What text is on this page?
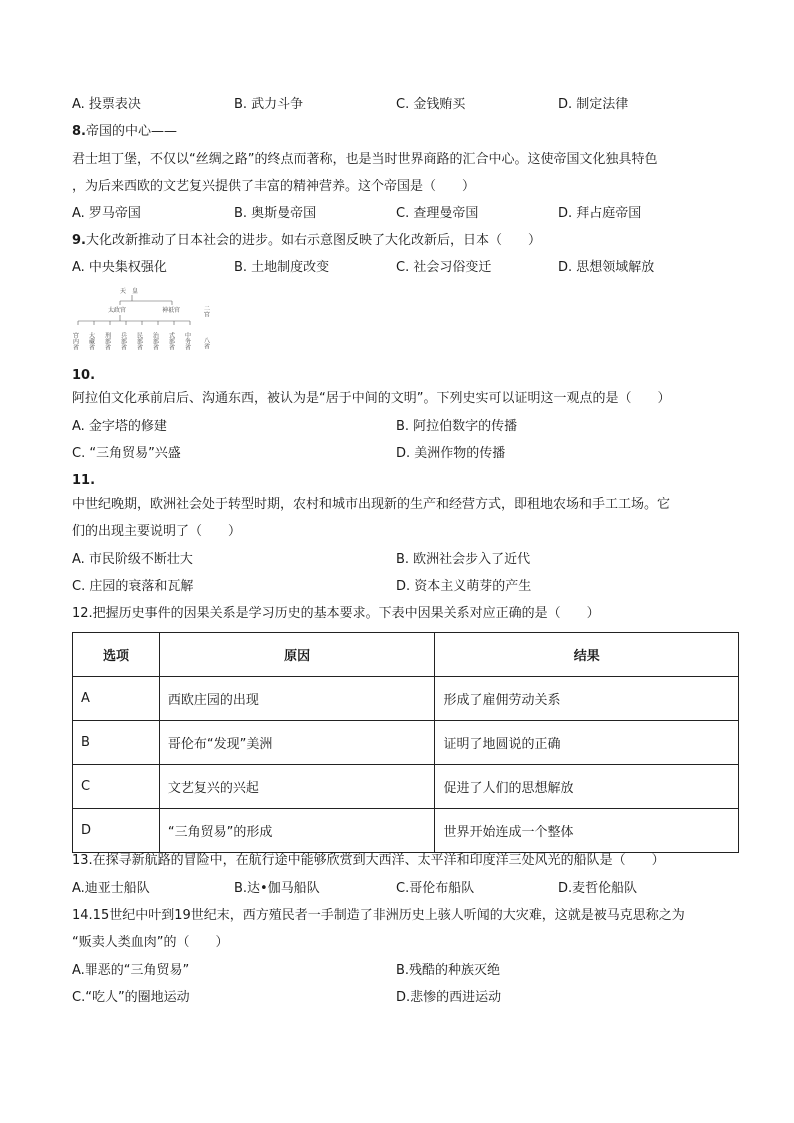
A. 投票表决	B. 武力斗争	C. 金钱贿买	D. 制定法律
8.帝国的中心——
君士坦丁堡，不仅以“丝绸之路”的终点而著称，也是当时世界商路的汇合中心。这使帝国文化独具特色
，为后来西欧的文艺复兴提供了丰富的精神营养。这个帝国是（　　）
A. 罗马帝国	B. 奥斯曼帝国	C. 查理曼帝国	D. 拜占庭帝国
9.大化改新推动了日本社会的进步。如右示意图反映了大化改新后，日本（　　）
A. 中央集权强化	B. 土地制度改变	C. 社会习俗变迁	D. 思想领域解放
天　皇
太政官	神祇官
宫内省 大藏省 刑部省 兵部省 民部省 治部省 式部省 中务省
二官
八省
10.
阿拉伯文化承前启后、沟通东西，被认为是“居于中间的文明”。下列史实可以证明这一观点的是（　　）
A. 金字塔的修建	B. 阿拉伯数字的传播
C. “三角贸易”兴盛	D. 美洲作物的传播
11.
中世纪晚期，欧洲社会处于转型时期，农村和城市出现新的生产和经营方式，即租地农场和手工工场。它
们的出现主要说明了（　　）
A. 市民阶级不断壮大	B. 欧洲社会步入了近代
C. 庄园的衰落和瓦解	D. 资本主义萌芽的产生
12.把握历史事件的因果关系是学习历史的基本要求。下表中因果关系对应正确的是（　　）
选项	原因	结果
A	西欧庄园的出现	形成了雇佣劳动关系
B	哥伦布“发现”美洲	证明了地圆说的正确
C	文艺复兴的兴起	促进了人们的思想解放
D	“三角贸易”的形成	世界开始连成一个整体
13.在探寻新航路的冒险中，在航行途中能够欣赏到大西洋、太平洋和印度洋三处风光的船队是（　　）
A.迪亚士船队	B.达•伽马船队	C.哥伦布船队	D.麦哲伦船队
14.15世纪中叶到19世纪末，西方殖民者一手制造了非洲历史上骇人听闻的大灾难，这就是被马克思称之为
“贩卖人类血肉”的（　　）
A.罪恶的“三角贸易”	B.残酷的种族灭绝
C.“吃人”的圈地运动	D.悲惨的西进运动
